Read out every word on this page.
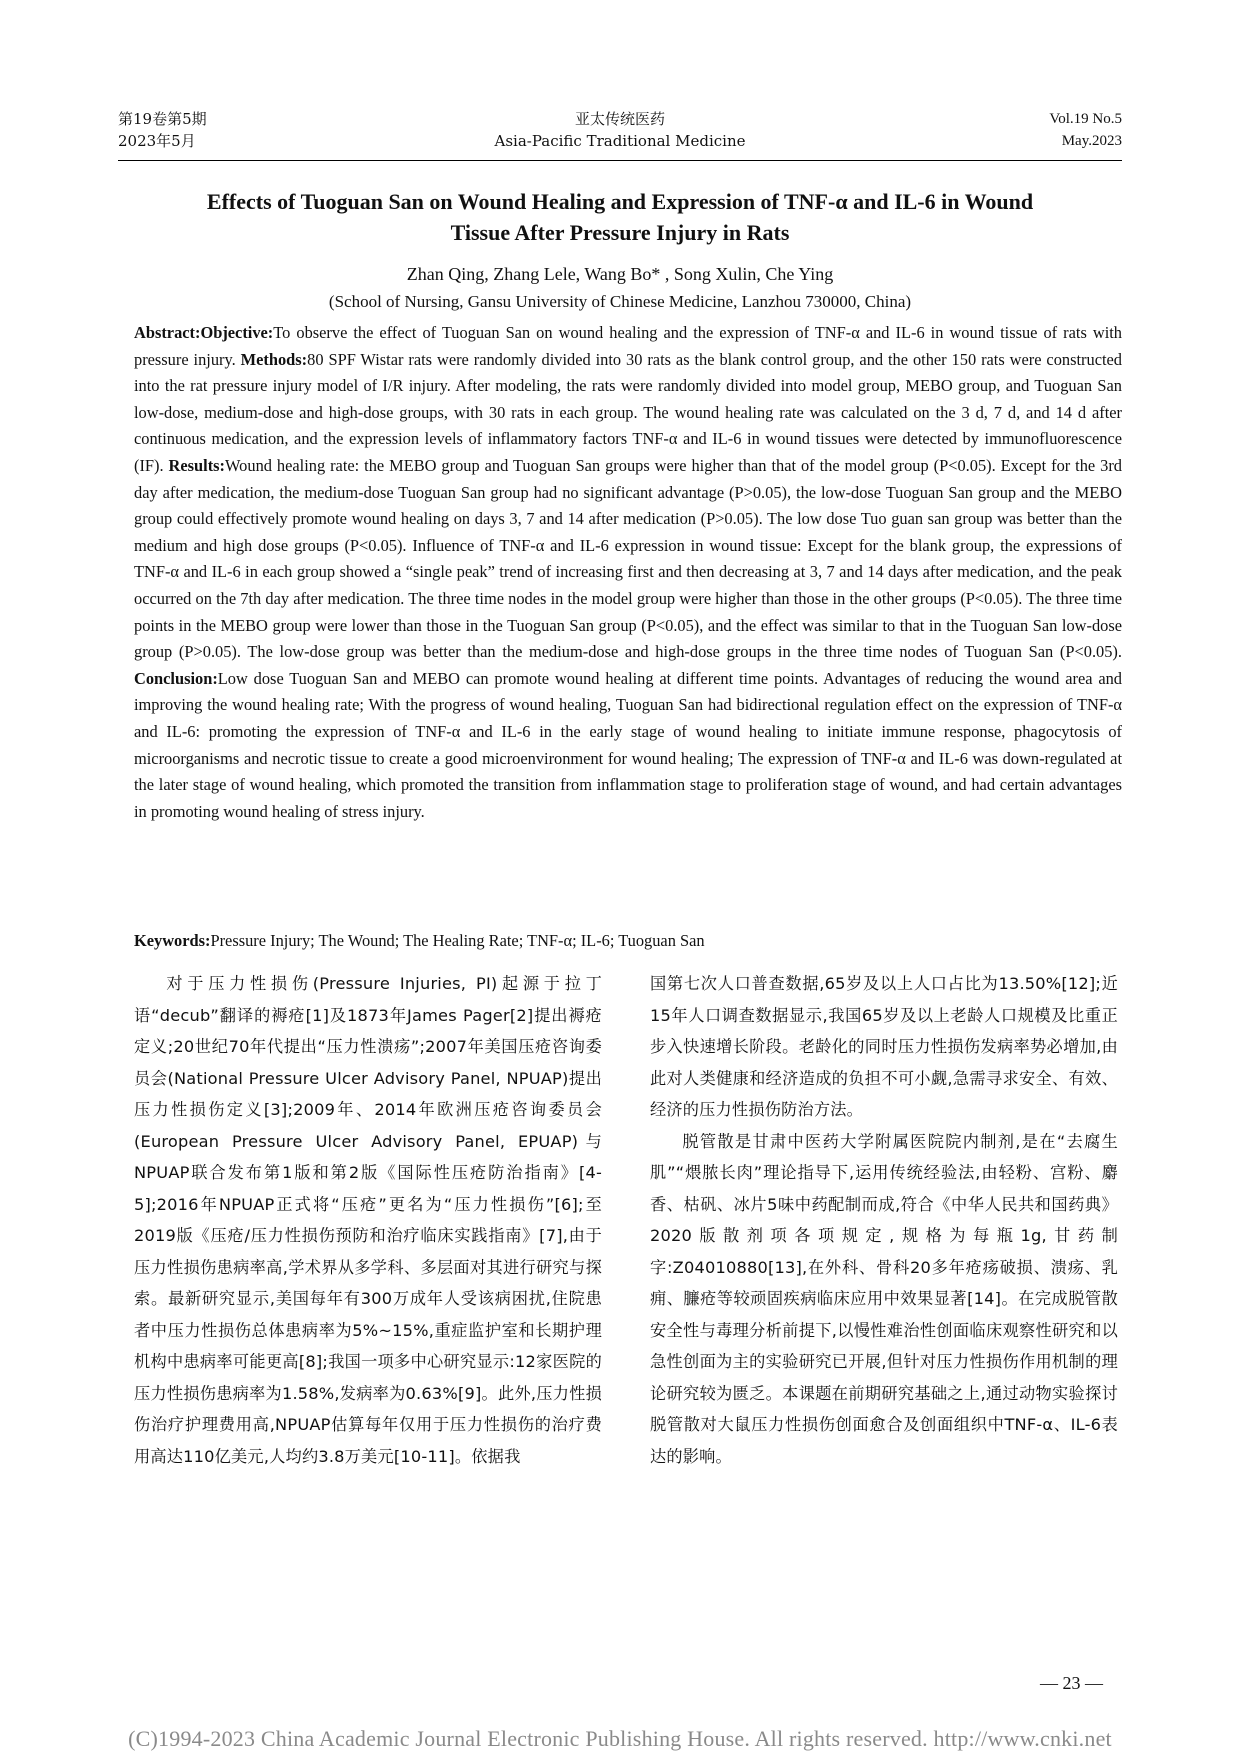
第19卷第5期
2023年5月
亚太传统医药
Asia-Pacific Traditional Medicine
Vol.19 No.5
May.2023
Effects of Tuoguan San on Wound Healing and Expression of TNF-α and IL-6 in Wound
Tissue After Pressure Injury in Rats
Zhan Qing, Zhang Lele, Wang Bo* , Song Xulin, Che Ying
(School of Nursing, Gansu University of Chinese Medicine, Lanzhou 730000, China)
Abstract:Objective:To observe the effect of Tuoguan San on wound healing and the expression of TNF-α and IL-6 in wound tissue of rats with pressure injury. Methods:80 SPF Wistar rats were randomly divided into 30 rats as the blank control group, and the other 150 rats were constructed into the rat pressure injury model of I/R injury. After modeling, the rats were randomly divided into model group, MEBO group, and Tuoguan San low-dose, medium-dose and high-dose groups, with 30 rats in each group. The wound healing rate was calculated on the 3 d, 7 d, and 14 d after continuous medication, and the expression levels of inflammatory factors TNF-α and IL-6 in wound tissues were detected by immunofluorescence (IF). Results:Wound healing rate: the MEBO group and Tuoguan San groups were higher than that of the model group (P<0.05). Except for the 3rd day after medication, the medium-dose Tuoguan San group had no significant advantage (P>0.05), the low-dose Tuoguan San group and the MEBO group could effectively promote wound healing on days 3, 7 and 14 after medication (P>0.05). The low dose Tuo guan san group was better than the medium and high dose groups (P<0.05). Influence of TNF-α and IL-6 expression in wound tissue: Except for the blank group, the expressions of TNF-α and IL-6 in each group showed a “single peak” trend of increasing first and then decreasing at 3, 7 and 14 days after medication, and the peak occurred on the 7th day after medication. The three time nodes in the model group were higher than those in the other groups (P<0.05). The three time points in the MEBO group were lower than those in the Tuoguan San group (P<0.05), and the effect was similar to that in the Tuoguan San low-dose group (P>0.05). The low-dose group was better than the medium-dose and high-dose groups in the three time nodes of Tuoguan San (P<0.05). Conclusion:Low dose Tuoguan San and MEBO can promote wound healing at different time points. Advantages of reducing the wound area and improving the wound healing rate; With the progress of wound healing, Tuoguan San had bidirectional regulation effect on the expression of TNF-α and IL-6: promoting the expression of TNF-α and IL-6 in the early stage of wound healing to initiate immune response, phagocytosis of microorganisms and necrotic tissue to create a good microenvironment for wound healing; The expression of TNF-α and IL-6 was down-regulated at the later stage of wound healing, which promoted the transition from inflammation stage to proliferation stage of wound, and had certain advantages in promoting wound healing of stress injury.
Keywords:Pressure Injury; The Wound; The Healing Rate; TNF-α; IL-6; Tuoguan San

对于压力性损伤(Pressure Injuries, PI)起源于拉丁语“decub”翻译的褥疮[1]及1873年James Pager[2]提出褥疮定义;20世纪70年代提出“压力性溃疡”;2007年美国压疮咨询委员会(National Pressure Ulcer Advisory Panel, NPUAP)提出压力性损伤定义[3];2009年、2014年欧洲压疮咨询委员会(European Pressure Ulcer Advisory Panel, EPUAP)与NPUAP联合发布第1版和第2版《国际性压疮防治指南》[4-5];2016年NPUAP正式将“压疮”更名为“压力性损伤”[6];至2019版《压疮/压力性损伤预防和治疗临床实践指南》[7],由于压力性损伤患病率高,学术界从多学科、多层面对其进行研究与探索。最新研究显示,美国每年有300万成年人受该病困扰,住院患者中压力性损伤总体患病率为5%~15%,重症监护室和长期护理机构中患病率可能更高[8];我国一项多中心研究显示:12家医院的压力性损伤患病率为1.58%,发病率为0.63%[9]。此外,压力性损伤治疗护理费用高,NPUAP估算每年仅用于压力性损伤的治疗费用高达110亿美元,人均约3.8万美元[10-11]。依据我

国第七次人口普查数据,65岁及以上人口占比为13.50%[12];近15年人口调查数据显示,我国65岁及以上老龄人口规模及比重正步入快速增长阶段。老龄化的同时压力性损伤发病率势必增加,由此对人类健康和经济造成的负担不可小觑,急需寻求安全、有效、经济的压力性损伤防治方法。

脱管散是甘肃中医药大学附属医院院内制剂,是在“去腐生肌”“煨脓长肉”理论指导下,运用传统经验法,由轻粉、宫粉、麝香、枯矾、冰片5味中药配制而成,符合《中华人民共和国药典》2020版散剂项各项规定,规格为每瓶1g,甘药制字:Z04010880[13],在外科、骨科20多年疮疡破损、溃疡、乳痈、臁疮等较顽固疾病临床应用中效果显著[14]。在完成脱管散安全性与毒理分析前提下,以慢性难治性创面临床观察性研究和以急性创面为主的实验研究已开展,但针对压力性损伤作用机制的理论研究较为匮乏。本课题在前期研究基础之上,通过动物实验探讨脱管散对大鼠压力性损伤创面愈合及创面组织中TNF-α、IL-6表达的影响。

— 23 —
(C)1994-2023 China Academic Journal Electronic Publishing House. All rights reserved. http://www.cnki.net
